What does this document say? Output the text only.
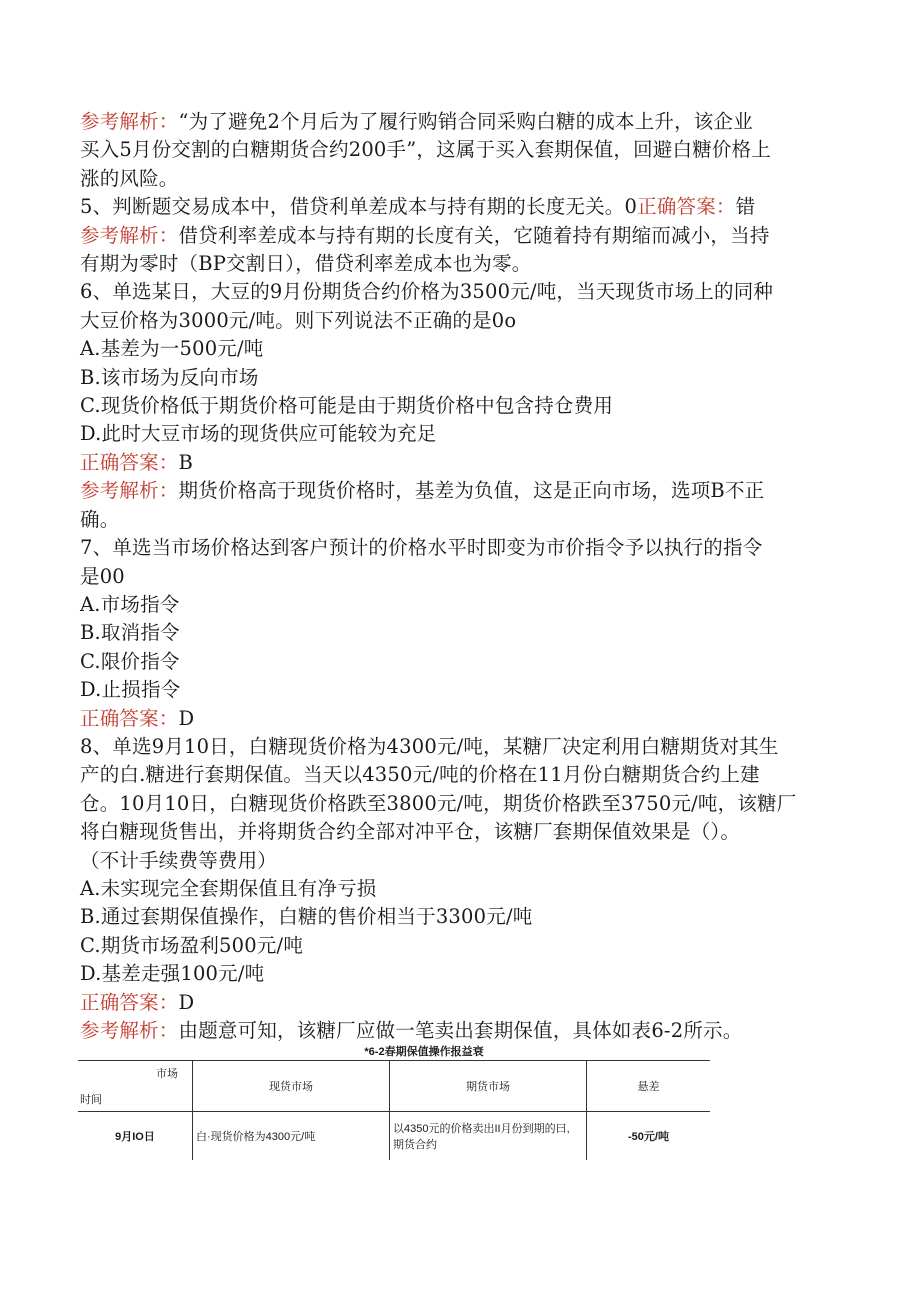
参考解析：“为了避免2个月后为了履行购销合同采购白糖的成本上升，该企业
买入5月份交割的白糖期货合约200手”，这属于买入套期保值，回避白糖价格上
涨的风险。
5、判断题交易成本中，借贷利单差成本与持有期的长度无关。0正确答案：错
参考解析：借贷利率差成本与持有期的长度有关，它随着持有期缩而减小，当持
有期为零时（BP交割日），借贷利率差成本也为零。
6、单选某日，大豆的9月份期货合约价格为3500元/吨，当天现货市场上的同种
大豆价格为3000元/吨。则下列说法不正确的是0o
A.基差为一500元/吨
B.该市场为反向市场
C.现货价格低于期货价格可能是由于期货价格中包含持仓费用
D.此时大豆市场的现货供应可能较为充足
正确答案：B
参考解析：期货价格高于现货价格时，基差为负值，这是正向市场，选项B不正
确。
7、单选当市场价格达到客户预计的价格水平时即变为市价指令予以执行的指令
是00
A.市场指令
B.取消指令
C.限价指令
D.止损指令
正确答案：D
8、单选9月10日，白糖现货价格为4300元/吨，某糖厂决定利用白糖期货对其生
产的白.糖进行套期保值。当天以4350元/吨的价格在11月份白糖期货合约上建
仓。10月10日，白糖现货价格跌至3800元/吨，期货价格跌至3750元/吨，该糖厂
将白糖现货售出，并将期货合约全部对冲平仓，该糖厂套期保值效果是（）。
（不计手续费等费用）
A.未实现完全套期保值且有净亏损
B.通过套期保值操作，白糖的售价相当于3300元/吨
C.期货市场盈利500元/吨
D.基差走强100元/吨
正确答案：D
参考解析：由题意可知，该糖厂应做一笔卖出套期保值，具体如表6-2所示。
*6-2春期保值操作报益衰
市场
时间	现货市场	期货市场	悬差
9月IO日	白·现货价格为4300元/吨	以4350元的价格卖出II月份到期的曰,
期货合约	-50元/吨
